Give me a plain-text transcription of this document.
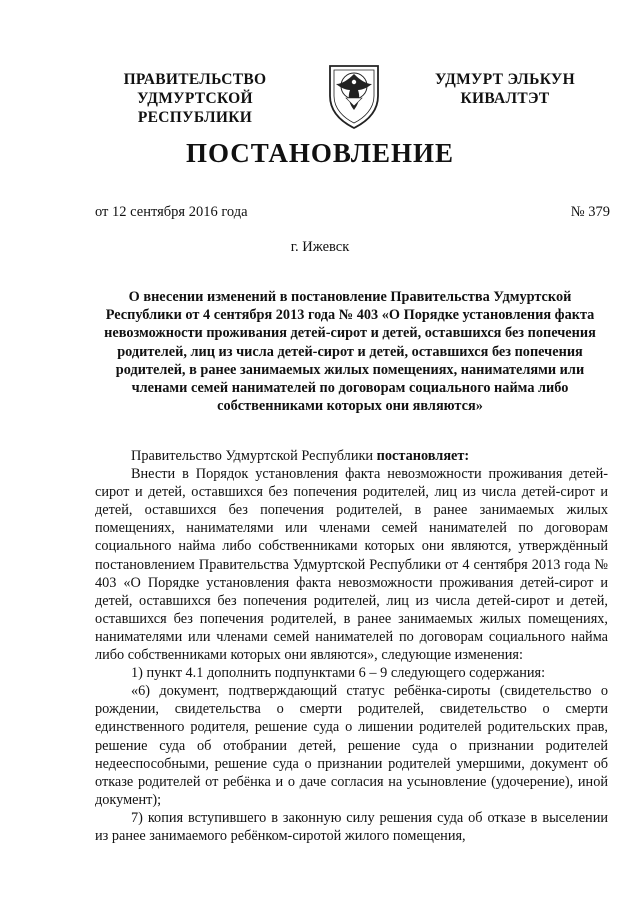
ПРАВИТЕЛЬСТВО
УДМУРТСКОЙ РЕСПУБЛИКИ
УДМУРТ ЭЛЬКУН
КИВАЛТЭТ
ПОСТАНОВЛЕНИЕ
от 12 сентября 2016 года	№ 379
г. Ижевск
О внесении изменений в постановление Правительства Удмуртской Республики от 4 сентября 2013 года № 403 «О Порядке установления факта невозможности проживания детей-сирот и детей, оставшихся без попечения родителей, лиц из числа детей-сирот и детей, оставшихся без попечения родителей, в ранее занимаемых жилых помещениях, нанимателями или членами семей нанимателей по договорам социального найма либо собственниками которых они являются»

Правительство Удмуртской Республики постановляет:

Внести в Порядок установления факта невозможности проживания детей-сирот и детей, оставшихся без попечения родителей, лиц из числа детей-сирот и детей, оставшихся без попечения родителей, в ранее занимаемых жилых помещениях, нанимателями или членами семей нанимателей по договорам социального найма либо собственниками которых они являются, утверждённый постановлением Правительства Удмуртской Республики от 4 сентября 2013 года № 403 «О Порядке установления факта невозможности проживания детей-сирот и детей, оставшихся без попечения родителей, лиц из числа детей-сирот и детей, оставшихся без попечения родителей, в ранее занимаемых жилых помещениях, нанимателями или членами семей нанимателей по договорам социального найма либо собственниками которых они являются», следующие изменения:

1) пункт 4.1 дополнить подпунктами 6 – 9 следующего содержания:

«6) документ, подтверждающий статус ребёнка-сироты (свидетельство о рождении, свидетельства о смерти родителей, свидетельство о смерти единственного родителя, решение суда о лишении родителей родительских прав, решение суда об отобрании детей, решение суда о признании родителей недееспособными, решение суда о признании родителей умершими, документ об отказе родителей от ребёнка и о даче согласия на усыновление (удочерение), иной документ);

7) копия вступившего в законную силу решения суда об отказе в выселении из ранее занимаемого ребёнком-сиротой жилого помещения,
